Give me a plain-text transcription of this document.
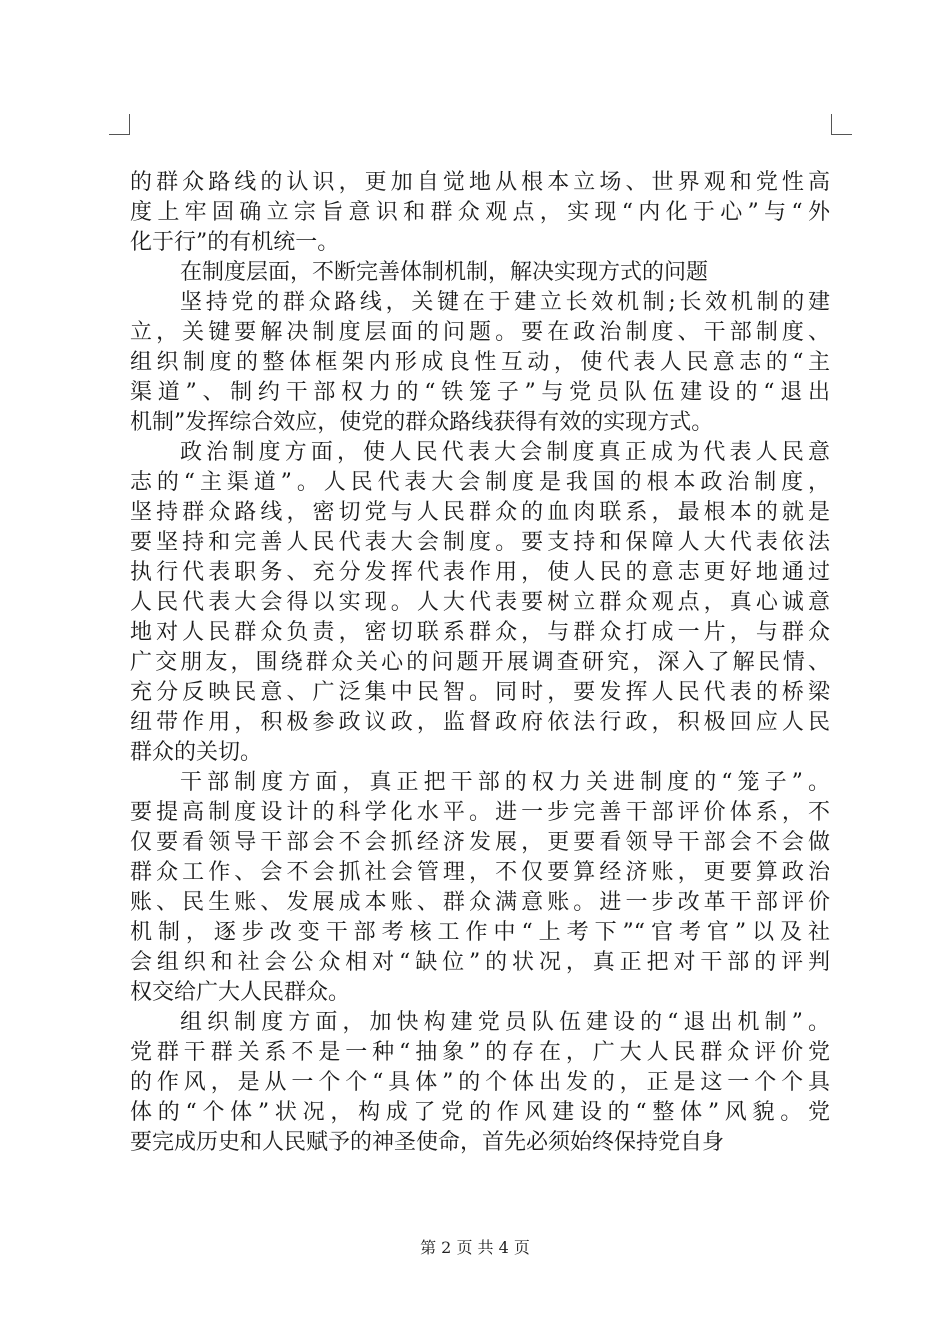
的群众路线的认识，更加自觉地从根本立场、世界观和党性高
度上牢固确立宗旨意识和群众观点，实现“内化于心”与“外
化于行”的有机统一。
在制度层面，不断完善体制机制，解决实现方式的问题
坚持党的群众路线，关键在于建立长效机制;长效机制的建
立，关键要解决制度层面的问题。要在政治制度、干部制度、
组织制度的整体框架内形成良性互动，使代表人民意志的“主
渠道”、制约干部权力的“铁笼子”与党员队伍建设的“退出
机制”发挥综合效应，使党的群众路线获得有效的实现方式。
政治制度方面，使人民代表大会制度真正成为代表人民意
志的“主渠道”。人民代表大会制度是我国的根本政治制度，
坚持群众路线，密切党与人民群众的血肉联系，最根本的就是
要坚持和完善人民代表大会制度。要支持和保障人大代表依法
执行代表职务、充分发挥代表作用，使人民的意志更好地通过
人民代表大会得以实现。人大代表要树立群众观点，真心诚意
地对人民群众负责，密切联系群众，与群众打成一片，与群众
广交朋友，围绕群众关心的问题开展调查研究，深入了解民情、
充分反映民意、广泛集中民智。同时，要发挥人民代表的桥梁
纽带作用，积极参政议政，监督政府依法行政，积极回应人民
群众的关切。
干部制度方面，真正把干部的权力关进制度的“笼子”。
要提高制度设计的科学化水平。进一步完善干部评价体系，不
仅要看领导干部会不会抓经济发展，更要看领导干部会不会做
群众工作、会不会抓社会管理，不仅要算经济账，更要算政治
账、民生账、发展成本账、群众满意账。进一步改革干部评价
机制，逐步改变干部考核工作中“上考下”“官考官”以及社
会组织和社会公众相对“缺位”的状况，真正把对干部的评判
权交给广大人民群众。
组织制度方面，加快构建党员队伍建设的“退出机制”。
党群干群关系不是一种“抽象”的存在，广大人民群众评价党
的作风，是从一个个“具体”的个体出发的，正是这一个个具
体的“个体”状况，构成了党的作风建设的“整体”风貌。党
要完成历史和人民赋予的神圣使命，首先必须始终保持党自身
第 2 页 共 4 页
